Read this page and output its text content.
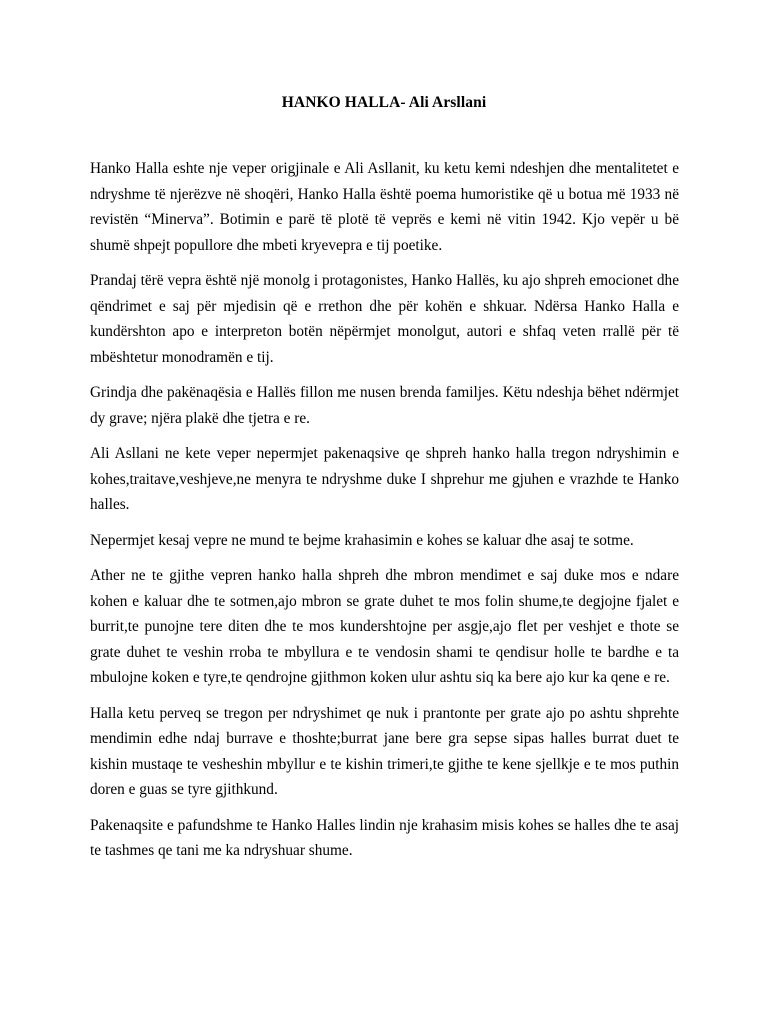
HANKO HALLA- Ali Arsllani

Hanko Halla eshte nje veper origjinale e Ali Asllanit, ku ketu kemi ndeshjen dhe mentalitetet e ndryshme të njerëzve në shoqëri, Hanko Halla është poema humoristike që u botua më 1933 në revistën “Minerva”. Botimin e parë të plotë të veprës e kemi në vitin 1942. Kjo vepër u bë shumë shpejt popullore dhe mbeti kryevepra e tij poetike.

Prandaj tërë vepra është një monolg i protagonistes, Hanko Hallës, ku ajo shpreh emocionet dhe qëndrimet e saj për mjedisin që e rrethon dhe për kohën e shkuar. Ndërsa Hanko Halla e kundërshton apo e interpreton botën nëpërmjet monolgut, autori e shfaq veten rrallë për të mbështetur monodramën e tij.

Grindja dhe pakënaqësia e Hallës fillon me nusen brenda familjes. Këtu ndeshja bëhet ndërmjet dy grave; njëra plakë dhe tjetra e re.

Ali Asllani ne kete veper nepermjet pakenaqsive qe shpreh hanko halla tregon ndryshimin e kohes,traitave,veshjeve,ne menyra te ndryshme duke I shprehur me gjuhen e vrazhde te Hanko halles.

Nepermjet kesaj vepre ne mund te bejme krahasimin e kohes se kaluar dhe asaj te sotme.

Ather ne te gjithe vepren hanko halla shpreh dhe mbron mendimet e saj duke mos e ndare kohen e kaluar dhe te sotmen,ajo mbron se grate duhet te mos folin shume,te degjojne fjalet e burrit,te punojne tere diten dhe te mos kundershtojne per asgje,ajo flet per veshjet e thote se grate duhet te veshin rroba te mbyllura e te vendosin shami te qendisur holle te bardhe e ta mbulojne koken e tyre,te qendrojne gjithmon koken ulur ashtu siq ka bere ajo kur ka qene e re.

Halla ketu perveq se tregon per ndryshimet qe nuk i prantonte per grate ajo po ashtu shprehte mendimin edhe ndaj burrave e thoshte;burrat jane bere gra sepse sipas halles burrat duet te kishin mustaqe te vesheshin mbyllur e te kishin trimeri,te gjithe te kene sjellkje e te mos puthin doren e guas se tyre gjithkund.

Pakenaqsite e pafundshme te Hanko Halles lindin nje krahasim misis kohes se halles dhe te asaj te tashmes qe tani me ka ndryshuar shume.
